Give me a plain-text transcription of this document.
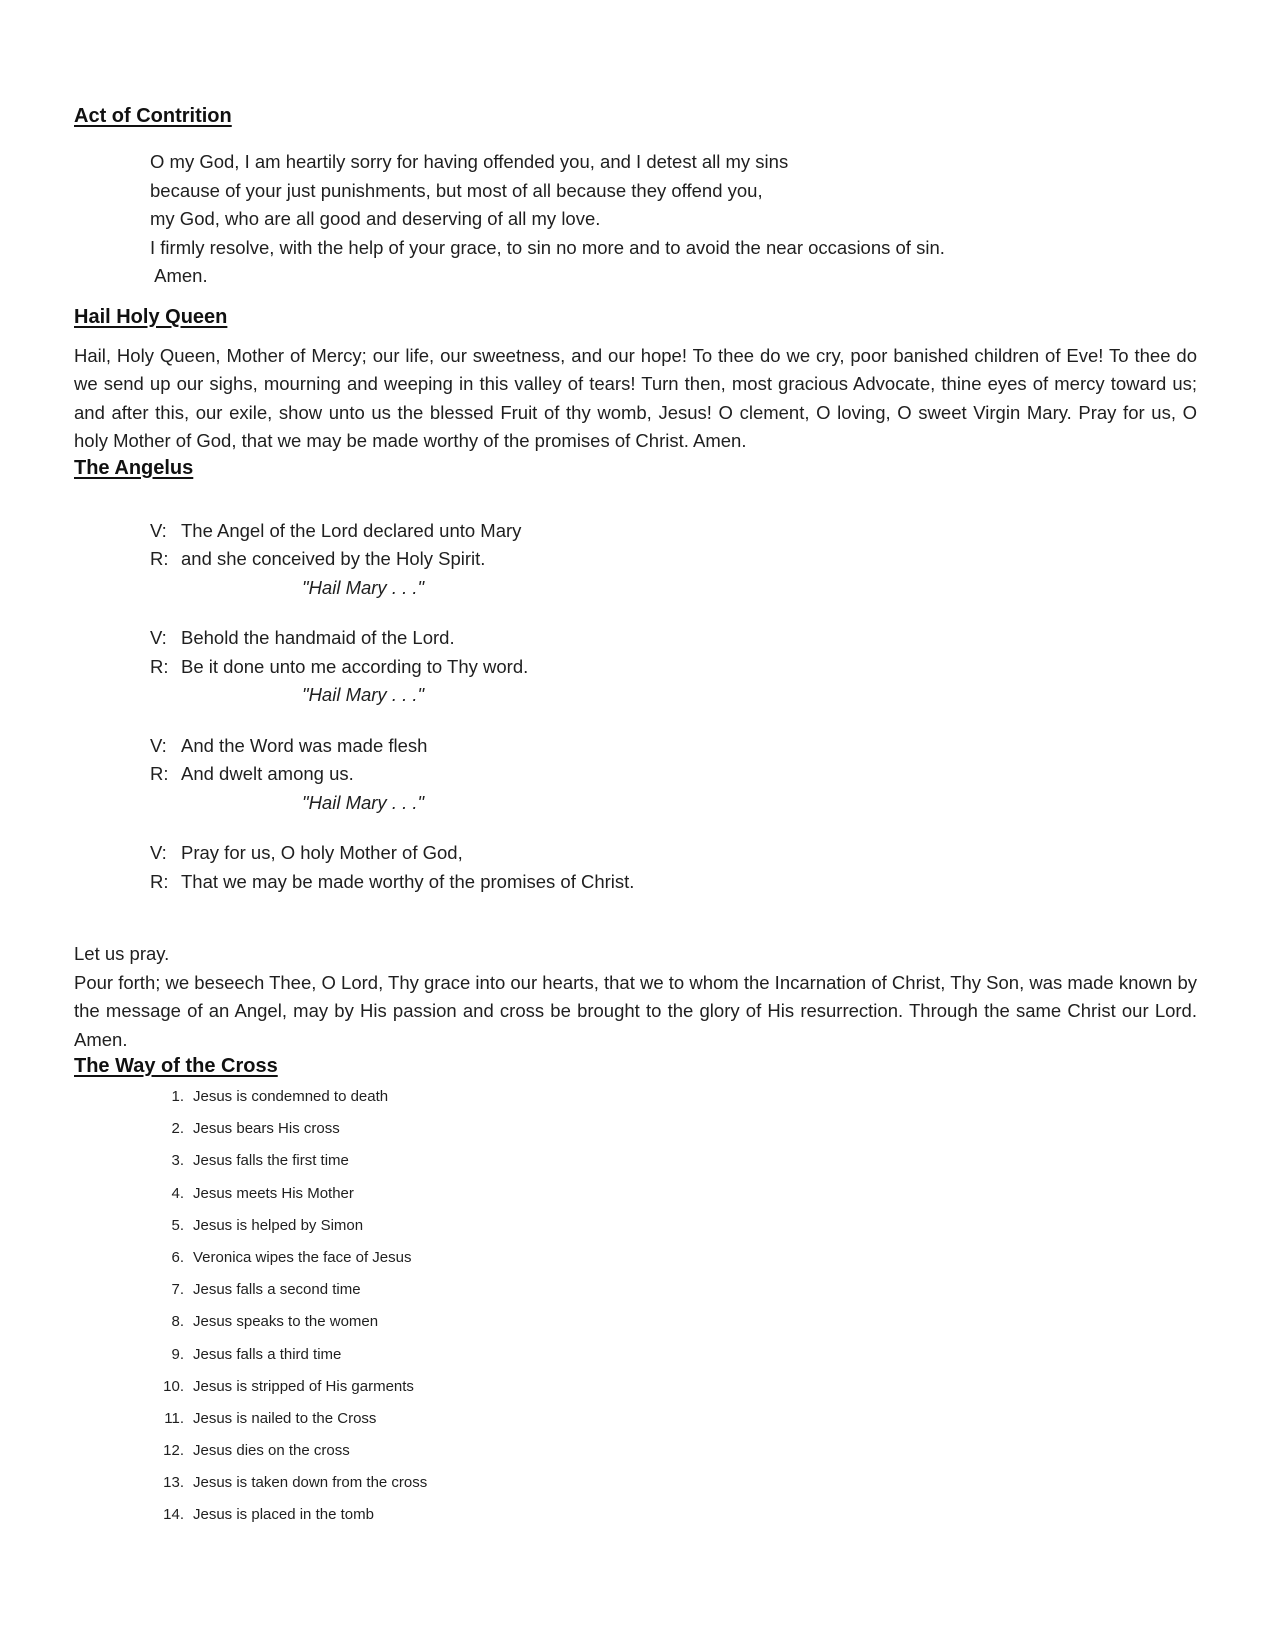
Act of Contrition
O my God, I am heartily sorry for having offended you, and I detest all my sins
because of your just punishments, but most of all because they offend you,
my God, who are all good and deserving of all my love.
I firmly resolve, with the help of your grace, to sin no more and to avoid the near occasions of sin.
Amen.
Hail Holy Queen

Hail, Holy Queen, Mother of Mercy; our life, our sweetness, and our hope! To thee do we cry, poor banished children of Eve! To thee do we send up our sighs, mourning and weeping in this valley of tears! Turn then, most gracious Advocate, thine eyes of mercy toward us; and after this, our exile, show unto us the blessed Fruit of thy womb, Jesus! O clement, O loving, O sweet Virgin Mary. Pray for us, O holy Mother of God, that we may be made worthy of the promises of Christ. Amen.

The Angelus
V: The Angel of the Lord declared unto Mary
R: and she conceived by the Holy Spirit.
"Hail Mary . . ."
V: Behold the handmaid of the Lord.
R: Be it done unto me according to Thy word.
"Hail Mary . . ."
V: And the Word was made flesh
R: And dwelt among us.
"Hail Mary . . ."
V: Pray for us, O holy Mother of God,
R: That we may be made worthy of the promises of Christ.

Let us pray.

Pour forth; we beseech Thee, O Lord, Thy grace into our hearts, that we to whom the Incarnation of Christ, Thy Son, was made known by the message of an Angel, may by His passion and cross be brought to the glory of His resurrection. Through the same Christ our Lord. Amen.

The Way of the Cross
1. Jesus is condemned to death
2. Jesus bears His cross
3. Jesus falls the first time
4. Jesus meets His Mother
5. Jesus is helped by Simon
6. Veronica wipes the face of Jesus
7. Jesus falls a second time
8. Jesus speaks to the women
9. Jesus falls a third time
10. Jesus is stripped of His garments
11. Jesus is nailed to the Cross
12. Jesus dies on the cross
13. Jesus is taken down from the cross
14. Jesus is placed in the tomb
